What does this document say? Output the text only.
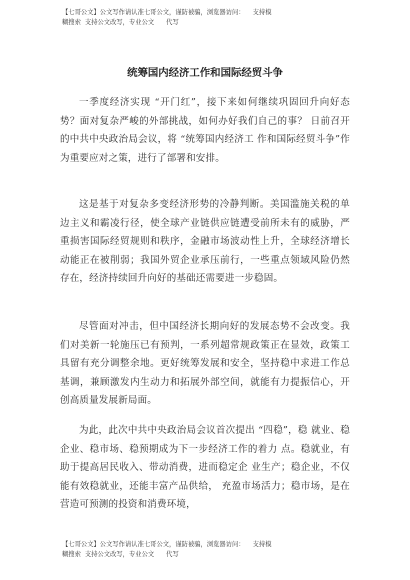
【七哥公文】公文写作请认准七哥公文，谨防被骗，浏览器访问：    支持模
糊搜索  支持公文改写，专业公文      代写
统筹国内经济工作和国际经贸斗争

一季度经济实现 “开门红”，接下来如何继续巩固回升向好态势？面对复杂严峻的外部挑战，如何办好我们自己的事？ 日前召开的中共中央政治局会议，将 “统筹国内经济工 作和国际经贸斗争”作为重要应对之策，进行了部署和安排。

这是基于对复杂多变经济形势的冷静判断。美国滥施关税的单边主义和霸凌行径，使全球产业链供应链遭受前所未有的威胁，严重损害国际经贸规则和秩序，金融市场波动性上升，全球经济增长动能正在被削弱；我国外贸企业承压前行，一些重点领域风险仍然存在，经济持续回升向好的基础还需要进一步稳固。

尽管面对冲击，但中国经济长期向好的发展态势不会改变。我们对美新一轮施压已有预判，一系列超常规政策正在显效，政策工具留有充分调整余地。更好统筹发展和安全，坚持稳中求进工作总基调，兼顾激发内生动力和拓展外部空间，就能有力提振信心，开创高质量发展新局面。

为此，此次中共中央政治局会议首次提出 “四稳”，稳 就业、稳企业、稳市场、稳预期成为下一步经济工作的着力 点。稳就业，有助于提高居民收入、带动消费，进而稳定企 业生产；稳企业，不仅能有效稳就业，还能丰富产品供给， 充盈市场活力；稳市场，是在营造可预测的投资和消费环境，

【七哥公文】公文写作请认准七哥公文，谨防被骗，浏览器访问：    支持模
糊搜索  支持公文改写，专业公文      代写
